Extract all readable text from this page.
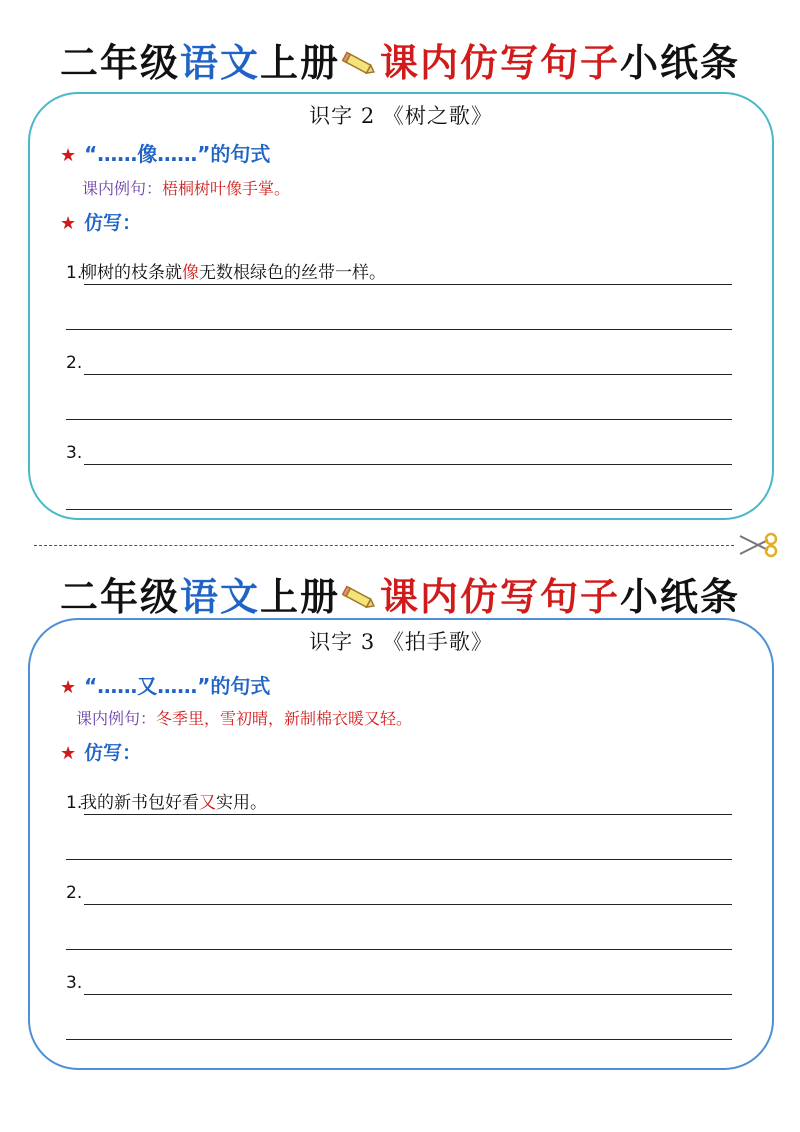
二年级语文上册 课内仿写句子小纸条
识字 2 《树之歌》
★ “……像……”的句式
课内例句：梧桐树叶像手掌。
★ 仿写：
1.
柳树的枝条就像无数根绿色的丝带一样。
2.
3.
二年级语文上册 课内仿写句子小纸条
识字 3 《拍手歌》
★ “……又……”的句式
课内例句：冬季里，雪初晴，新制棉衣暖又轻。
★ 仿写：
1.
我的新书包好看又实用。
2.
3.
